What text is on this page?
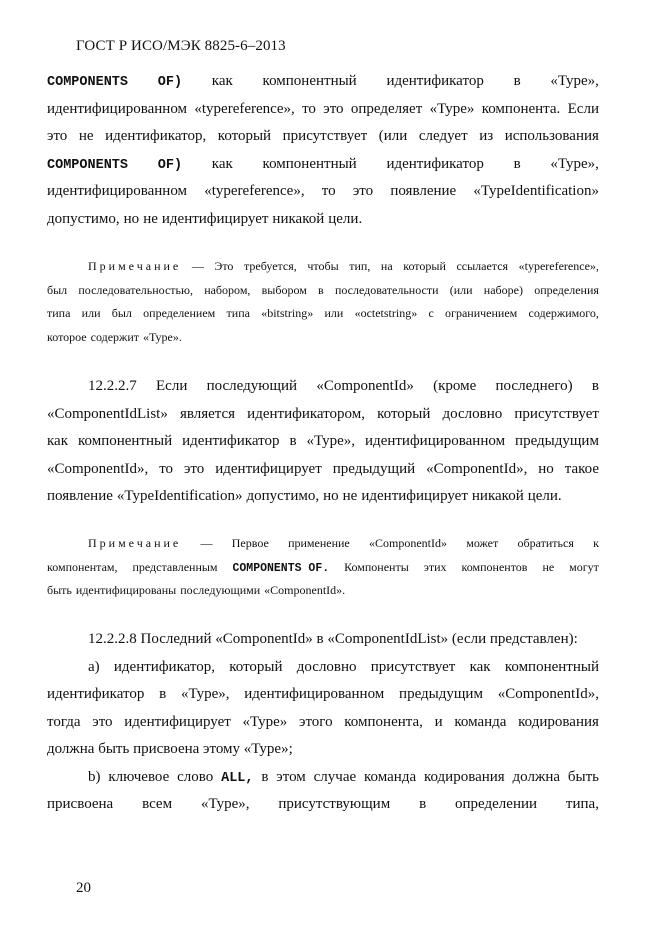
ГОСТ Р ИСО/МЭК 8825-6–2013
COMPONENTS OF) как компонентный идентификатор в «Type»,
идентифицированном «typereference», то это определяет «Type» компонента. Если
это не идентификатор, который присутствует (или следует из использования
COMPONENTS OF) как компонентный идентификатор в «Type»,
идентифицированном «typereference», то это появление «TypeIdentification»
допустимо, но не идентифицирует никакой цели.
Примечание — Это требуется, чтобы тип, на который ссылается «typereference»,
был последовательностью, набором, выбором в последовательности (или наборе) определения
типа или был определением типа «bitstring» или «octetstring» с ограничением содержимого,
которое содержит «Type».
12.2.2.7 Если последующий «ComponentId» (кроме последнего) в
«ComponentIdList» является идентификатором, который дословно присутствует
как компонентный идентификатор в «Type», идентифицированном предыдущим
«ComponentId», то это идентифицирует предыдущий «ComponentId», но такое
появление «TypeIdentification» допустимо, но не идентифицирует никакой цели.
Примечание — Первое применение «ComponentId» может обратиться к
компонентам, представленным COMPONENTS OF. Компоненты этих компонентов не могут
быть идентифицированы последующими «ComponentId».
12.2.2.8 Последний «ComponentId» в «ComponentIdList» (если представлен):
a) идентификатор, который дословно присутствует как компонентный
идентификатор в «Type», идентифицированном предыдущим «ComponentId»,
тогда это идентифицирует «Type» этого компонента, и команда кодирования
должна быть присвоена этому «Type»;
b) ключевое слово ALL, в этом случае команда кодирования должна быть
присвоена всем «Type», присутствующим в определении типа,
20
